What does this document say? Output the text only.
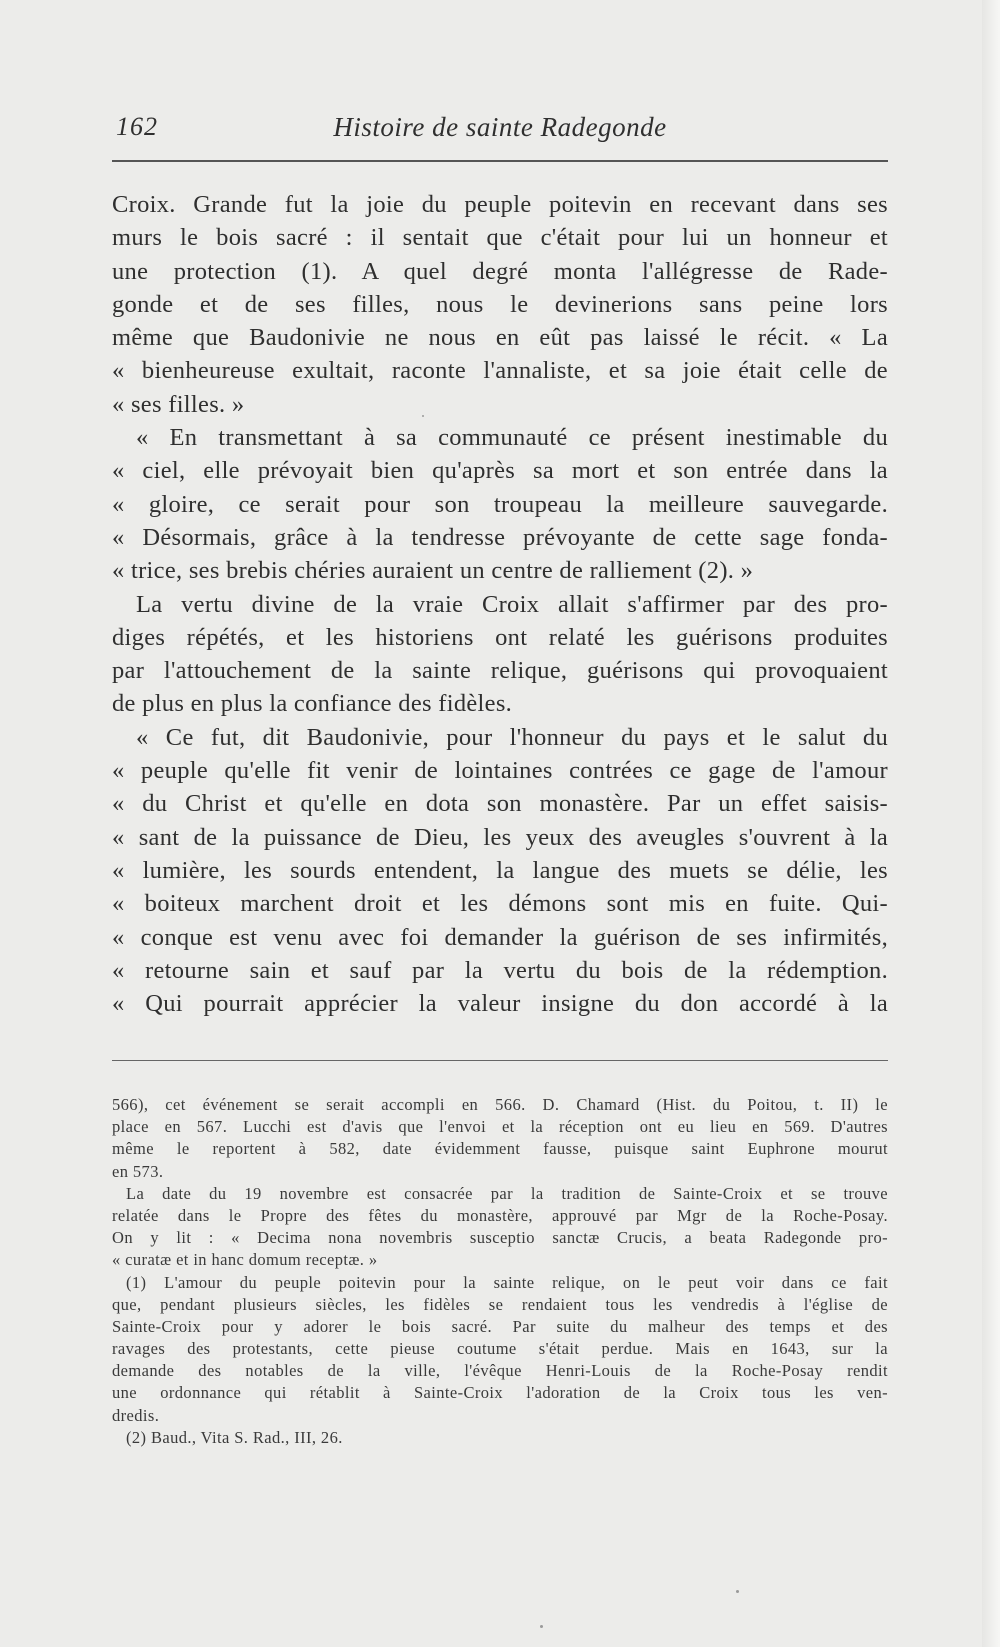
162	Histoire de sainte Radegonde
Croix. Grande fut la joie du peuple poitevin en recevant dans ses
murs le bois sacré : il sentait que c'était pour lui un honneur et
une protection (1). A quel degré monta l'allégresse de Rade-
gonde et de ses filles, nous le devinerions sans peine lors
même que Baudonivie ne nous en eût pas laissé le récit. « La
« bienheureuse exultait, raconte l'annaliste, et sa joie était celle de
« ses filles. »
« En transmettant à sa communauté ce présent inestimable du
« ciel, elle prévoyait bien qu'après sa mort et son entrée dans la
« gloire, ce serait pour son troupeau la meilleure sauvegarde.
« Désormais, grâce à la tendresse prévoyante de cette sage fonda-
« trice, ses brebis chéries auraient un centre de ralliement (2). »
La vertu divine de la vraie Croix allait s'affirmer par des pro-
diges répétés, et les historiens ont relaté les guérisons produites
par l'attouchement de la sainte relique, guérisons qui provoquaient
de plus en plus la confiance des fidèles.
« Ce fut, dit Baudonivie, pour l'honneur du pays et le salut du
« peuple qu'elle fit venir de lointaines contrées ce gage de l'amour
« du Christ et qu'elle en dota son monastère. Par un effet saisis-
« sant de la puissance de Dieu, les yeux des aveugles s'ouvrent à la
« lumière, les sourds entendent, la langue des muets se délie, les
« boiteux marchent droit et les démons sont mis en fuite. Qui-
« conque est venu avec foi demander la guérison de ses infirmités,
« retourne sain et sauf par la vertu du bois de la rédemption.
« Qui pourrait apprécier la valeur insigne du don accordé à la
566), cet événement se serait accompli en 566. D. Chamard (Hist. du Poitou, t. II) le
place en 567. Lucchi est d'avis que l'envoi et la réception ont eu lieu en 569. D'autres
même le reportent à 582, date évidemment fausse, puisque saint Euphrone mourut
en 573.
La date du 19 novembre est consacrée par la tradition de Sainte-Croix et se trouve
relatée dans le Propre des fêtes du monastère, approuvé par Mgr de la Roche-Posay.
On y lit : « Decima nona novembris susceptio sanctæ Crucis, a beata Radegonde pro-
« curatæ et in hanc domum receptæ. »
(1) L'amour du peuple poitevin pour la sainte relique, on le peut voir dans ce fait
que, pendant plusieurs siècles, les fidèles se rendaient tous les vendredis à l'église de
Sainte-Croix pour y adorer le bois sacré. Par suite du malheur des temps et des
ravages des protestants, cette pieuse coutume s'était perdue. Mais en 1643, sur la
demande des notables de la ville, l'évêque Henri-Louis de la Roche-Posay rendit
une ordonnance qui rétablit à Sainte-Croix l'adoration de la Croix tous les ven-
dredis.
(2) Baud., Vita S. Rad., III, 26.
